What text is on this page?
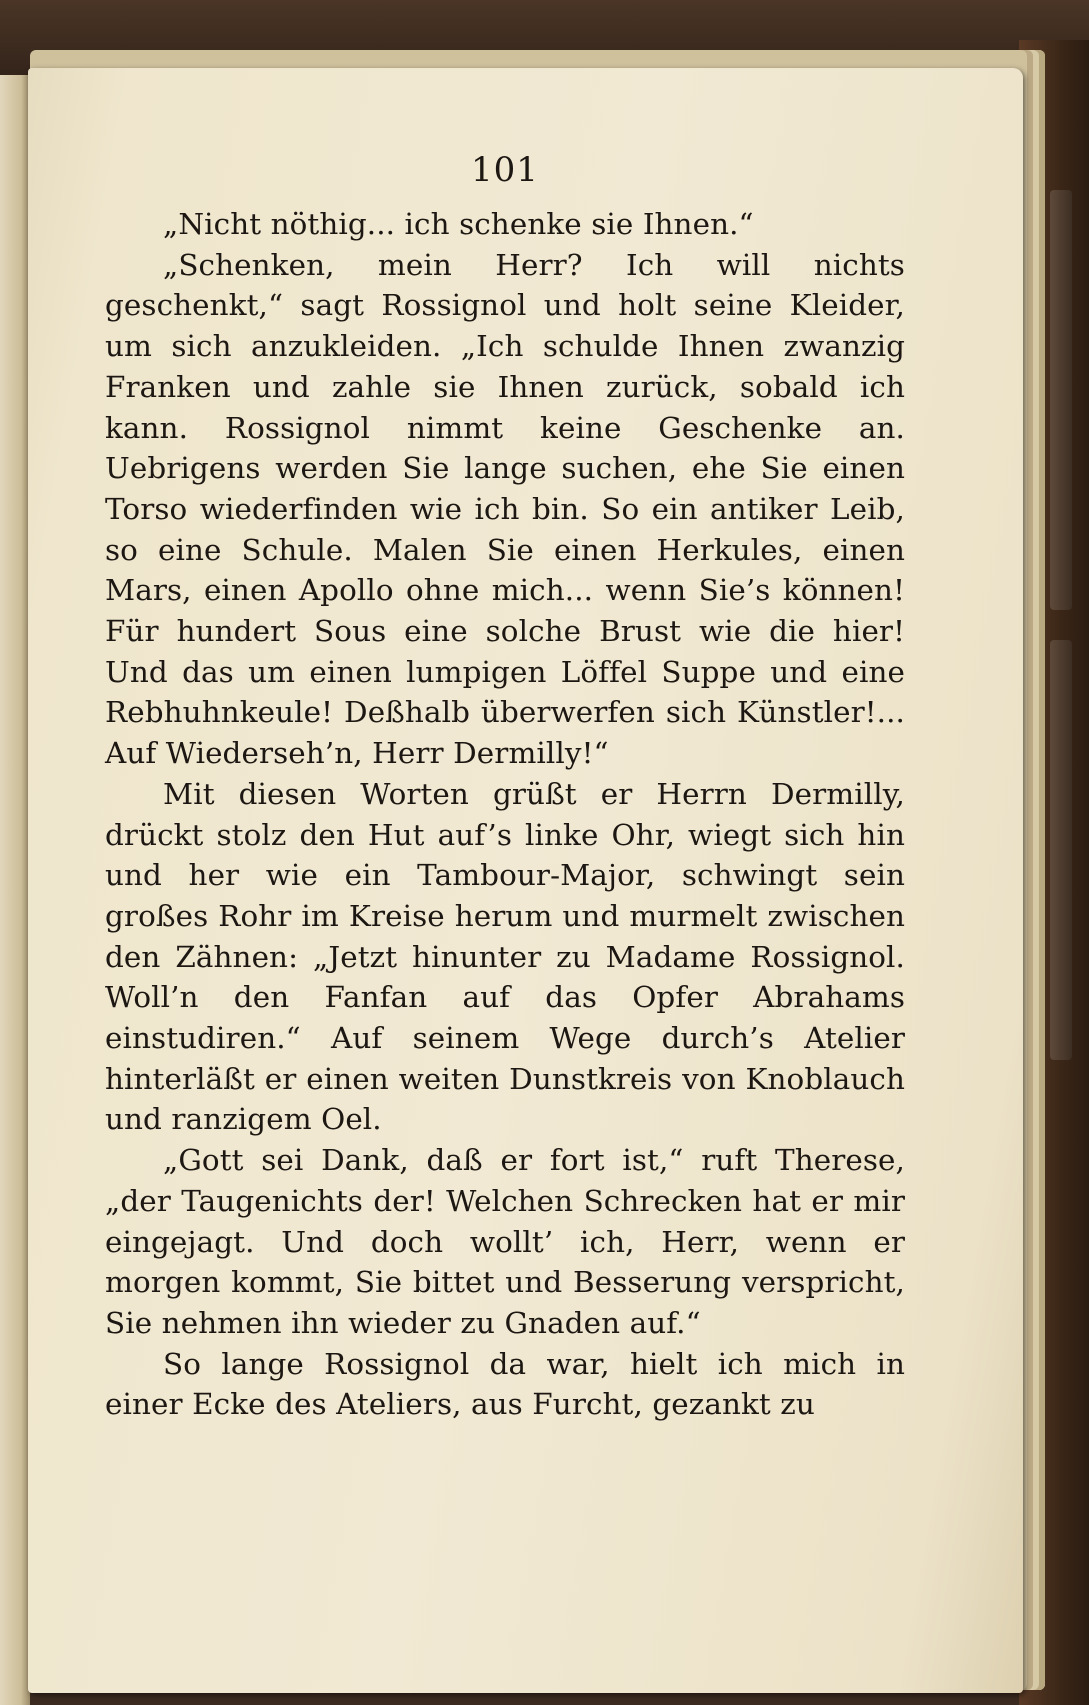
101

„Nicht nöthig... ich schenke sie Ihnen.“

„Schenken, mein Herr? Ich will nichts geschenkt,“ sagt Rossignol und holt seine Kleider, um sich anzukleiden. „Ich schulde Ihnen zwanzig Franken und zahle sie Ihnen zurück, sobald ich kann. Rossignol nimmt keine Geschenke an. Uebrigens werden Sie lange suchen, ehe Sie einen Torso wiederfinden wie ich bin. So ein antiker Leib, so eine Schule. Malen Sie einen Herkules, einen Mars, einen Apollo ohne mich... wenn Sie’s können! Für hundert Sous eine solche Brust wie die hier! Und das um einen lumpigen Löffel Suppe und eine Rebhuhnkeule! Deßhalb überwerfen sich Künstler!... Auf Wiederseh’n, Herr Dermilly!“

Mit diesen Worten grüßt er Herrn Dermilly, drückt stolz den Hut auf’s linke Ohr, wiegt sich hin und her wie ein Tambour-Major, schwingt sein großes Rohr im Kreise herum und murmelt zwischen den Zähnen: „Jetzt hinunter zu Madame Rossignol. Woll’n den Fanfan auf das Opfer Abrahams einstudiren.“ Auf seinem Wege durch’s Atelier hinterläßt er einen weiten Dunstkreis von Knoblauch und ranzigem Oel.

„Gott sei Dank, daß er fort ist,“ ruft Therese, „der Taugenichts der! Welchen Schrecken hat er mir eingejagt. Und doch wollt’ ich, Herr, wenn er morgen kommt, Sie bittet und Besserung verspricht, Sie nehmen ihn wieder zu Gnaden auf.“

So lange Rossignol da war, hielt ich mich in einer Ecke des Ateliers, aus Furcht, gezankt zu
